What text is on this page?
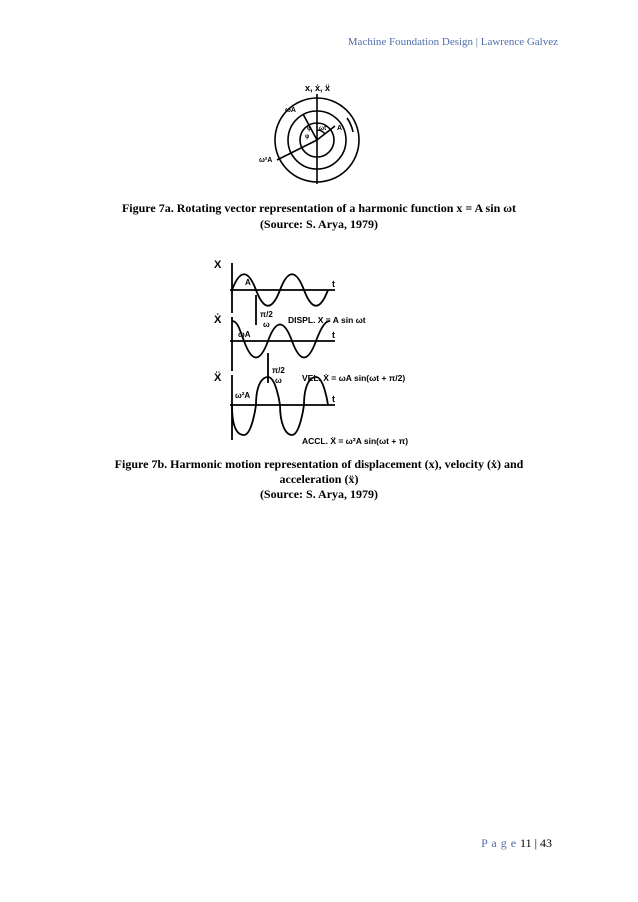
Machine Foundation Design | Lawrence Galvez
x, ẋ, ẍ
ωA
ω²A
A
φ
φ
ωt
Figure 7a. Rotating vector representation of a harmonic function x = A sin ωt
(Source: S. Arya, 1979)
X
Ẋ
Ẍ
t
t
t
A
ωA
ω²A
π/2
ω
π/2
ω
DISPL. X = A sin ωt
VEL. Ẋ = ωA sin(ωt + π/2)
ACCL. Ẍ = ω²A sin(ωt + π)
Figure 7b. Harmonic motion representation of displacement (x), velocity (ẋ) and
acceleration (ẍ)
(Source: S. Arya, 1979)
P a g e 11 | 43
